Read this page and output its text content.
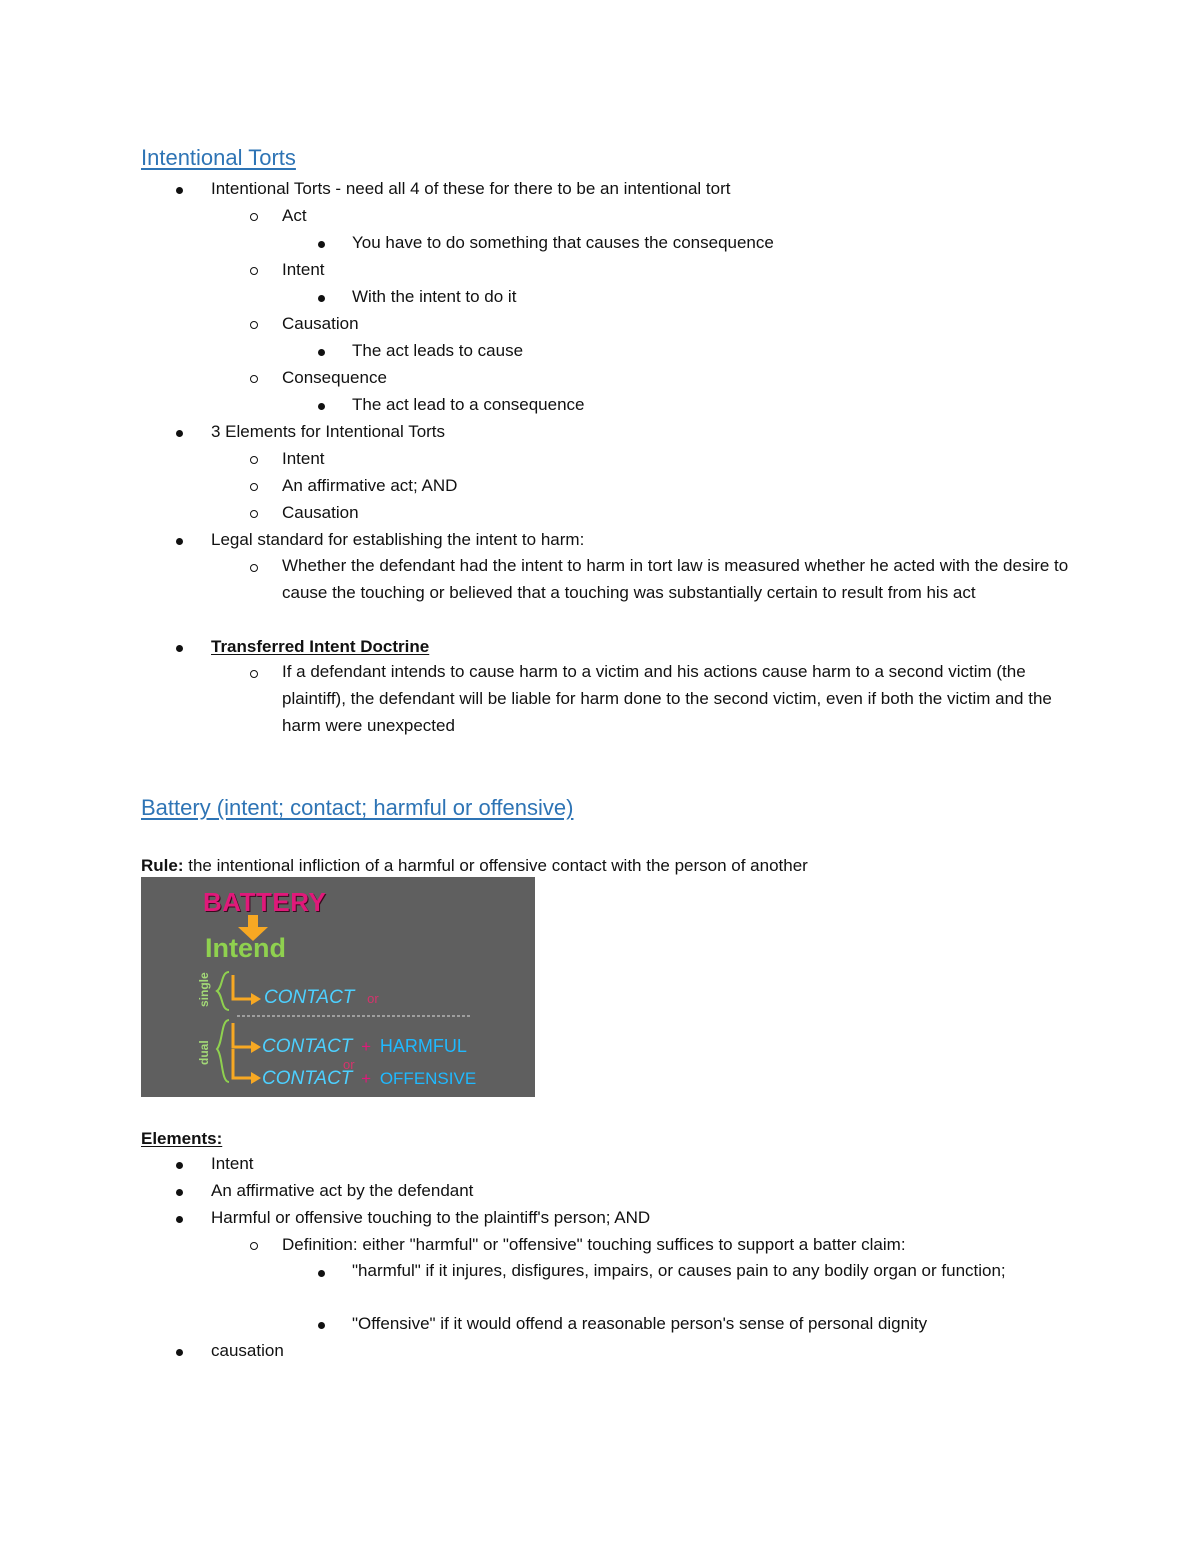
Intentional Torts
Intentional Torts - need all 4 of these for there to be an intentional tort
Act
You have to do something that causes the consequence
Intent
With the intent to do it
Causation
The act leads to cause
Consequence
The act lead to a consequence
3 Elements for Intentional Torts
Intent
An affirmative act; AND
Causation
Legal standard for establishing the intent to harm:
Whether the defendant had the intent to harm in tort law is measured whether he acted with the desire to cause the touching or believed that a touching was substantially certain to result from his act
Transferred Intent Doctrine
If a defendant intends to cause harm to a victim and his actions cause harm to a second victim (the plaintiff), the defendant will be liable for harm done to the second victim, even if both the victim and the harm were unexpected
Battery (intent; contact; harmful or offensive)
Rule: the intentional infliction of a harmful or offensive contact with the person of another
BATTERY
Intend
single
dual
CONTACT or
CONTACT + HARMFUL
or
CONTACT + OFFENSIVE
Elements:
Intent
An affirmative act by the defendant
Harmful or offensive touching to the plaintiff's person; AND
Definition: either "harmful" or "offensive" touching suffices to support a batter claim:
"harmful" if it injures, disfigures, impairs, or causes pain to any bodily organ or function;
"Offensive" if it would offend a reasonable person's sense of personal dignity
causation
